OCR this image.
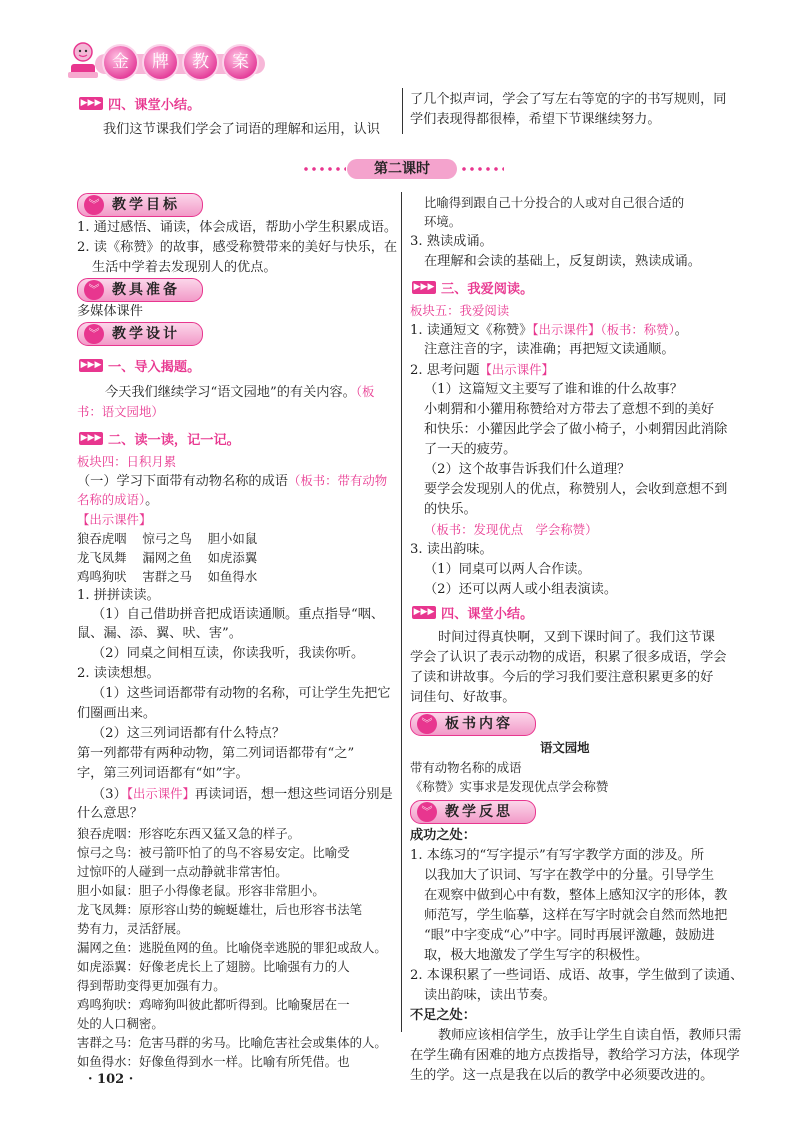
金	牌	教	案
▶▶▶ 四、课堂小结。
我们这节课我们学会了词语的理解和运用，认识
了几个拟声词，学会了写左右等宽的字的书写规则，同
学们表现得都很棒，希望下节课继续努力。
第二课时
︾ 教学目标
1. 通过感悟、诵读，体会成语，帮助小学生积累成语。
2. 读《称赞》的故事，感受称赞带来的美好与快乐，在
生活中学着去发现别人的优点。
︾ 教具准备
多媒体课件
︾ 教学设计
▶▶▶ 一、导入揭题。
今天我们继续学习“语文园地”的有关内容。（板
书：语文园地）
▶▶▶ 二、读一读，记一记。
板块四：日积月累
（一）学习下面带有动物名称的成语（板书：带有动物
名称的成语）。
【出示课件】
狼吞虎咽 惊弓之鸟 胆小如鼠
龙飞凤舞 漏网之鱼 如虎添翼
鸡鸣狗吠 害群之马 如鱼得水
1. 拼拼读读。
（1）自己借助拼音把成语读通顺。重点指导“咽、
鼠、漏、添、翼、吠、害”。
（2）同桌之间相互读，你读我听，我读你听。
2. 读读想想。
（1）这些词语都带有动物的名称，可让学生先把它
们圈画出来。
（2）这三列词语都有什么特点？
第一列都带有两种动物，第二列词语都带有“之”
字，第三列词语都有“如”字。
（3）【出示课件】再读词语，想一想这些词语分别是
什么意思？
狼吞虎咽：形容吃东西又猛又急的样子。
惊弓之鸟：被弓箭吓怕了的鸟不容易安定。比喻受
过惊吓的人碰到一点动静就非常害怕。
胆小如鼠：胆子小得像老鼠。形容非常胆小。
龙飞凤舞：原形容山势的蜿蜒雄壮，后也形容书法笔
势有力，灵活舒展。
漏网之鱼：逃脱鱼网的鱼。比喻侥幸逃脱的罪犯或敌人。
如虎添翼：好像老虎长上了翅膀。比喻强有力的人
得到帮助变得更加强有力。
鸡鸣狗吠：鸡啼狗叫彼此都听得到。比喻聚居在一
处的人口稠密。
害群之马：危害马群的劣马。比喻危害社会或集体的人。
如鱼得水：好像鱼得到水一样。比喻有所凭借。也
· 102 ·
比喻得到跟自己十分投合的人或对自己很合适的
环境。
3. 熟读成诵。
在理解和会读的基础上，反复朗读，熟读成诵。
▶▶▶ 三、我爱阅读。
板块五：我爱阅读
1. 读通短文《称赞》【出示课件】（板书：称赞）。
注意注音的字，读准确；再把短文读通顺。
2. 思考问题【出示课件】
（1）这篇短文主要写了谁和谁的什么故事？
小刺猬和小獾用称赞给对方带去了意想不到的美好
和快乐：小獾因此学会了做小椅子，小刺猬因此消除
了一天的疲劳。
（2）这个故事告诉我们什么道理？
要学会发现别人的优点，称赞别人，会收到意想不到
的快乐。
（板书：发现优点　学会称赞）
3. 读出韵味。
（1）同桌可以两人合作读。
（2）还可以两人或小组表演读。
▶▶▶ 四、课堂小结。
时间过得真快啊，又到下课时间了。我们这节课
学会了认识了表示动物的成语，积累了很多成语，学会
了读和讲故事。今后的学习我们要注意积累更多的好
词佳句、好故事。
︾ 板书内容
语文园地
带有动物名称的成语
《称赞》实事求是发现优点学会称赞
︾ 教学反思
成功之处：
1. 本练习的“写字提示”有写字教学方面的涉及。所
以我加大了识词、写字在教学中的分量。引导学生
在观察中做到心中有数，整体上感知汉字的形体，教
师范写，学生临摹，这样在写字时就会自然而然地把
“眼”中字变成“心”中字。同时再展评激趣，鼓励进
取，极大地激发了学生写字的积极性。
2. 本课积累了一些词语、成语、故事，学生做到了读通、
读出韵味，读出节奏。
不足之处：
教师应该相信学生，放手让学生自读自悟，教师只需
在学生确有困难的地方点拨指导，教给学习方法，体现学
生的学。这一点是我在以后的教学中必须要改进的。
